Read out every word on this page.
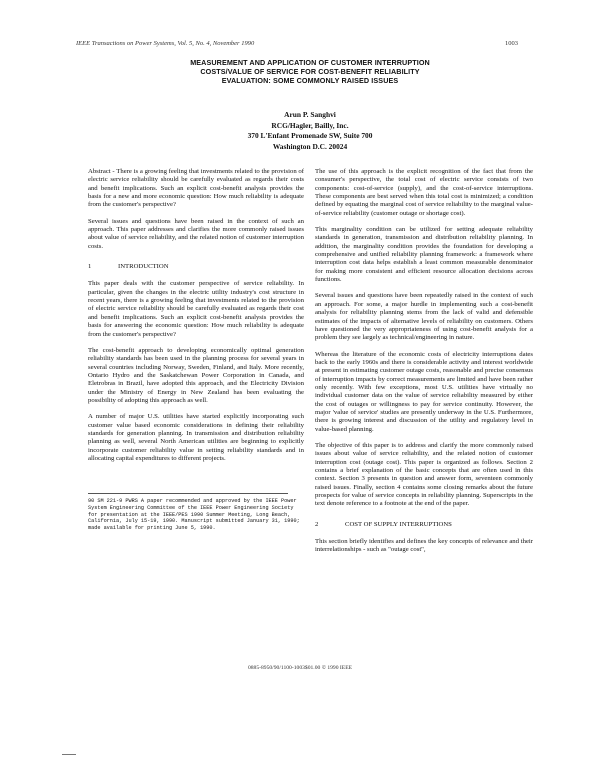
IEEE Transactions on Power Systems, Vol. 5, No. 4, November 1990	1003
MEASUREMENT AND APPLICATION OF CUSTOMER INTERRUPTION
COSTS/VALUE OF SERVICE FOR COST-BENEFIT RELIABILITY
EVALUATION: SOME COMMONLY RAISED ISSUES
Arun P. Sanghvi
RCG/Hagler, Bailly, Inc.
370 L'Enfant Promenade SW, Suite 700
Washington D.C. 20024

Abstract - There is a growing feeling that investments related to the provision of electric service reliability should be carefully evaluated as regards their costs and benefit implications. Such an explicit cost-benefit analysis provides the basis for a new and more economic question: How much reliability is adequate from the customer's perspective?

Several issues and questions have been raised in the context of such an approach. This paper addresses and clarifies the more commonly raised issues about value of service reliability, and the related notion of customer interruption costs.

1	INTRODUCTION

This paper deals with the customer perspective of service reliability. In particular, given the changes in the electric utility industry's cost structure in recent years, there is a growing feeling that investments related to the provision of electric service reliability should be carefully evaluated as regards their cost and benefit implications. Such an explicit cost-benefit analysis provides the basis for answering the economic question: How much reliability is adequate from the customer's perspective?

The cost-benefit approach to developing economically optimal generation reliability standards has been used in the planning process for several years in several countries including Norway, Sweden, Finland, and Italy. More recently, Ontario Hydro and the Saskatchewan Power Corporation in Canada, and Eletrobras in Brazil, have adopted this approach, and the Electricity Division under the Ministry of Energy in New Zealand has been evaluating the possibility of adopting this approach as well.

A number of major U.S. utilities have started explicitly incorporating such customer value based economic considerations in defining their reliability standards for generation planning. In transmission and distribution reliability planning as well, several North American utilities are beginning to explicitly incorporate customer reliability value in setting reliability standards and in allocating capital expenditures to different projects.

90 SM 221-9 PWRS A paper recommended and approved by the IEEE Power System Engineering Committee of the IEEE Power Engineering Society for presentation at the IEEE/PES 1990 Summer Meeting, Long Beach, California, July 15-19, 1990. Manuscript submitted January 31, 1990; made available for printing June 5, 1990.

The use of this approach is the explicit recognition of the fact that from the consumer's perspective, the total cost of electric service consists of two components: cost-of-service (supply), and the cost-of-service interruptions. These components are best served when this total cost is minimized; a condition defined by equating the marginal cost of service reliability to the marginal value-of-service reliability (customer outage or shortage cost).

This marginality condition can be utilized for setting adequate reliability standards in generation, transmission and distribution reliability planning. In addition, the marginality condition provides the foundation for developing a comprehensive and unified reliability planning framework: a framework where interruption cost data helps establish a least common measurable denominator for making more consistent and efficient resource allocation decisions across functions.

Several issues and questions have been repeatedly raised in the context of such an approach. For some, a major hurdle in implementing such a cost-benefit analysis for reliability planning stems from the lack of valid and defensible estimates of the impacts of alternative levels of reliability on customers. Others have questioned the very appropriateness of using cost-benefit analysis for a problem they see largely as technical/engineering in nature.

Whereas the literature of the economic costs of electricity interruptions dates back to the early 1960s and there is considerable activity and interest worldwide at present in estimating customer outage costs, reasonable and precise consensus of interruption impacts by correct measurements are limited and have been rather only recently. With few exceptions, most U.S. utilities have virtually no individual customer data on the value of service reliability measured by either the cost of outages or willingness to pay for service continuity. However, the major 'value of service' studies are presently underway in the U.S. Furthermore, there is growing interest and discussion of the utility and regulatory level in value-based planning.

The objective of this paper is to address and clarify the more commonly raised issues about value of service reliability, and the related notion of customer interruption cost (outage cost). This paper is organized as follows. Section 2 contains a brief explanation of the basic concepts that are often used in this context. Section 3 presents in question and answer form, seventeen commonly raised issues. Finally, section 4 contains some closing remarks about the future prospects for value of service concepts in reliability planning. Superscripts in the text denote reference to a footnote at the end of the paper.

2	COST OF SUPPLY INTERRUPTIONS

This section briefly identifies and defines the key concepts of relevance and their interrelationships - such as "outage cost",

0885-8950/90/1100-1003$01.00 © 1990 IEEE
